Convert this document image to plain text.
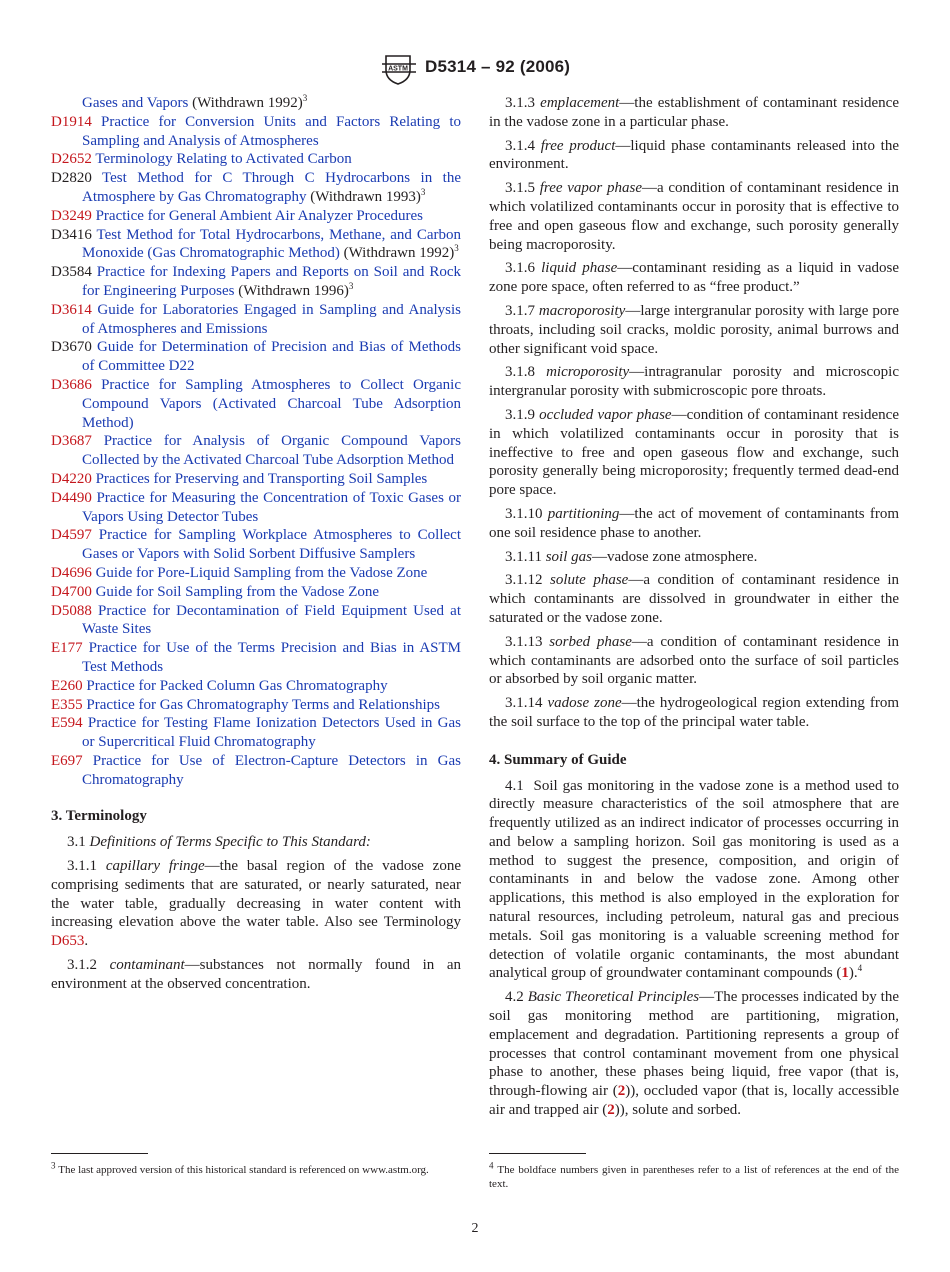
ASTM D5314 – 92 (2006)
Gases and Vapors (Withdrawn 1992)$^3$
D1914 Practice for Conversion Units and Factors Relating to Sampling and Analysis of Atmospheres
D2652 Terminology Relating to Activated Carbon
D2820 Test Method for C Through C Hydrocarbons in the Atmosphere by Gas Chromatography (Withdrawn 1993)$^3$
D3249 Practice for General Ambient Air Analyzer Procedures
D3416 Test Method for Total Hydrocarbons, Methane, and Carbon Monoxide (Gas Chromatographic Method) (Withdrawn 1992)$^3$
D3584 Practice for Indexing Papers and Reports on Soil and Rock for Engineering Purposes (Withdrawn 1996)$^3$
D3614 Guide for Laboratories Engaged in Sampling and Analysis of Atmospheres and Emissions
D3670 Guide for Determination of Precision and Bias of Methods of Committee D22
D3686 Practice for Sampling Atmospheres to Collect Organic Compound Vapors (Activated Charcoal Tube Adsorption Method)
D3687 Practice for Analysis of Organic Compound Vapors Collected by the Activated Charcoal Tube Adsorption Method
D4220 Practices for Preserving and Transporting Soil Samples
D4490 Practice for Measuring the Concentration of Toxic Gases or Vapors Using Detector Tubes
D4597 Practice for Sampling Workplace Atmospheres to Collect Gases or Vapors with Solid Sorbent Diffusive Samplers
D4696 Guide for Pore-Liquid Sampling from the Vadose Zone
D4700 Guide for Soil Sampling from the Vadose Zone
D5088 Practice for Decontamination of Field Equipment Used at Waste Sites
E177 Practice for Use of the Terms Precision and Bias in ASTM Test Methods
E260 Practice for Packed Column Gas Chromatography
E355 Practice for Gas Chromatography Terms and Relationships
E594 Practice for Testing Flame Ionization Detectors Used in Gas or Supercritical Fluid Chromatography
E697 Practice for Use of Electron-Capture Detectors in Gas Chromatography
3. Terminology
3.1 Definitions of Terms Specific to This Standard:
3.1.1 capillary fringe—the basal region of the vadose zone comprising sediments that are saturated, or nearly saturated, near the water table, gradually decreasing in water content with increasing elevation above the water table. Also see Terminology D653.
3.1.2 contaminant—substances not normally found in an environment at the observed concentration.
3.1.3 emplacement—the establishment of contaminant residence in the vadose zone in a particular phase.
3.1.4 free product—liquid phase contaminants released into the environment.
3.1.5 free vapor phase—a condition of contaminant residence in which volatilized contaminants occur in porosity that is effective to free and open gaseous flow and exchange, such porosity generally being macroporosity.
3.1.6 liquid phase—contaminant residing as a liquid in vadose zone pore space, often referred to as “free product.”
3.1.7 macroporosity—large intergranular porosity with large pore throats, including soil cracks, moldic porosity, animal burrows and other significant void space.
3.1.8 microporosity—intragranular porosity and microscopic intergranular porosity with submicroscopic pore throats.
3.1.9 occluded vapor phase—condition of contaminant residence in which volatilized contaminants occur in porosity that is ineffective to free and open gaseous flow and exchange, such porosity generally being microporosity; frequently termed dead-end pore space.
3.1.10 partitioning—the act of movement of contaminants from one soil residence phase to another.
3.1.11 soil gas—vadose zone atmosphere.
3.1.12 solute phase—a condition of contaminant residence in which contaminants are dissolved in groundwater in either the saturated or the vadose zone.
3.1.13 sorbed phase—a condition of contaminant residence in which contaminants are adsorbed onto the surface of soil particles or absorbed by soil organic matter.
3.1.14 vadose zone—the hydrogeological region extending from the soil surface to the top of the principal water table.
4. Summary of Guide
4.1 Soil gas monitoring in the vadose zone is a method used to directly measure characteristics of the soil atmosphere that are frequently utilized as an indirect indicator of processes occurring in and below a sampling horizon. Soil gas monitoring is used as a method to suggest the presence, composition, and origin of contaminants in and below the vadose zone. Among other applications, this method is also employed in the exploration for natural resources, including petroleum, natural gas and precious metals. Soil gas monitoring is a valuable screening method for detection of volatile organic contaminants, the most abundant analytical group of groundwater contaminant compounds (1).$^4$
4.2 Basic Theoretical Principles—The processes indicated by the soil gas monitoring method are partitioning, migration, emplacement and degradation. Partitioning represents a group of processes that control contaminant movement from one physical phase to another, these phases being liquid, free vapor (that is, through-flowing air (2)), occluded vapor (that is, locally accessible air and trapped air (2)), solute and sorbed.
$^3$ The last approved version of this historical standard is referenced on www.astm.org.	$^4$ The boldface numbers given in parentheses refer to a list of references at the end of the text.
2
